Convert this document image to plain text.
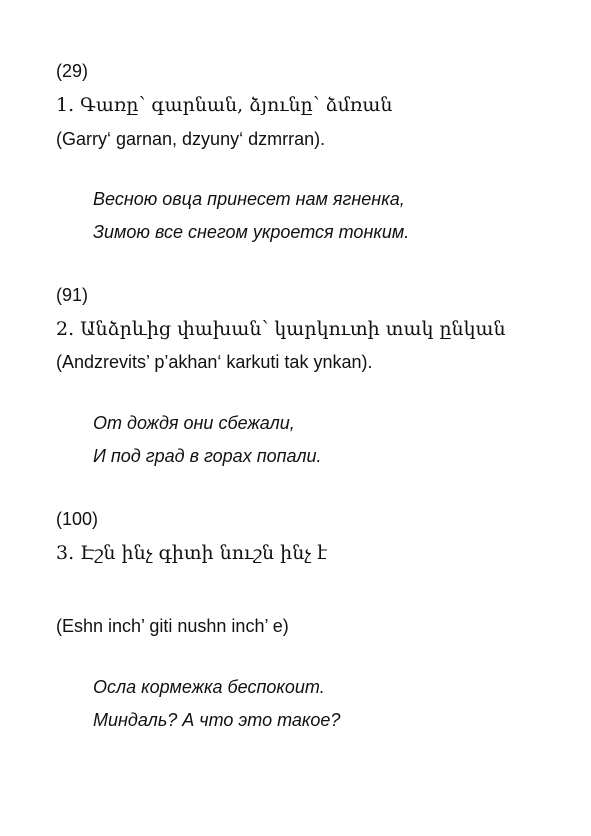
(29)
1. Գառը՝ գարնան, ձյունը՝ ձմռան
(Garry‘ garnan, dzyuny‘ dzmrran).
Весною овца принесет нам ягненка,
Зимою все снегом укроется тонким.
(91)
2. Անձրևից փախան՝ կարկուտի տակ ընկան
(Andzrevits’ p’akhan‘ karkuti tak ynkan).
От дождя они сбежали,
И под град в горах попали.
(100)
3. Էշն ինչ գիտի նուշն ինչ է
(Eshn inch’ giti nushn inch’ e)
Осла кормежка беспокоит.
Миндаль? А что это такое?
